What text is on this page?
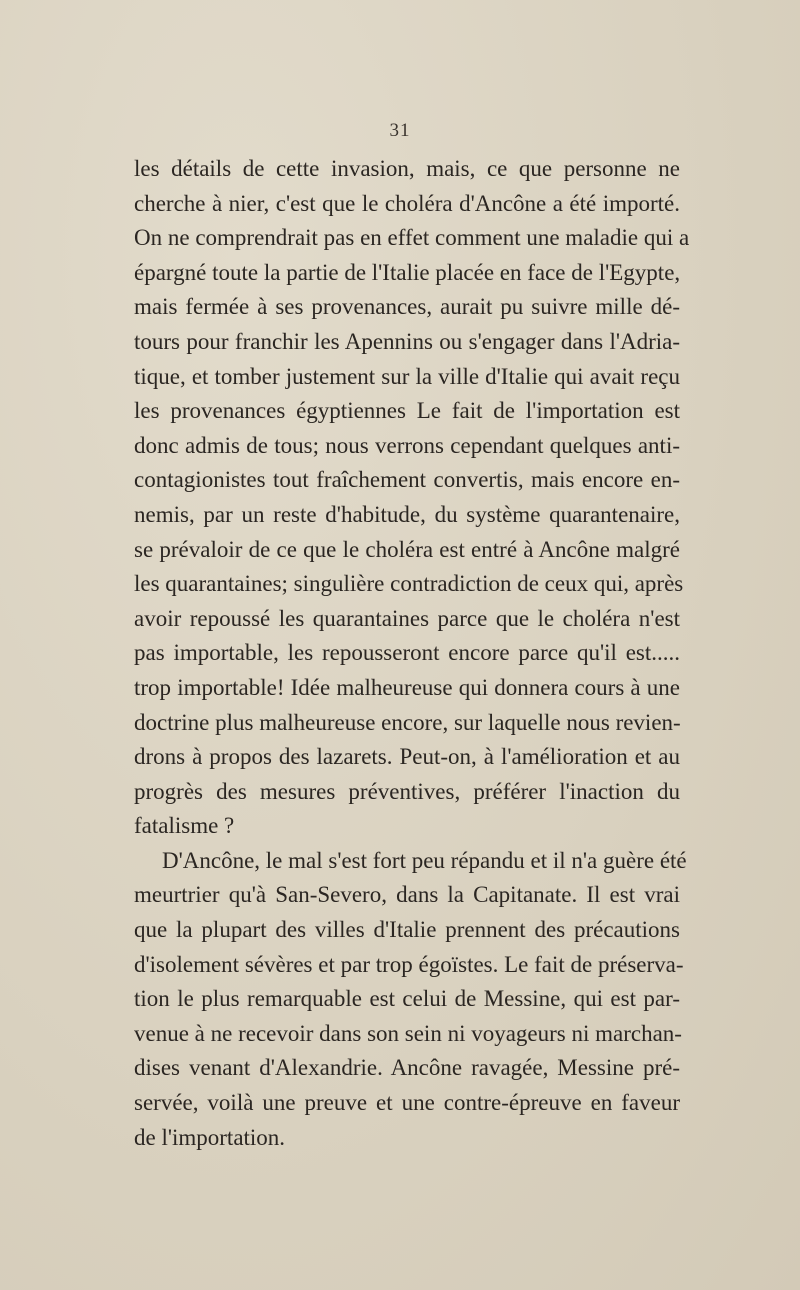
31
les détails de cette invasion, mais, ce que personne ne
cherche à nier, c'est que le choléra d'Ancône a été importé.
On ne comprendrait pas en effet comment une maladie qui a
épargné toute la partie de l'Italie placée en face de l'Egypte,
mais fermée à ses provenances, aurait pu suivre mille dé-
tours pour franchir les Apennins ou s'engager dans l'Adria-
tique, et tomber justement sur la ville d'Italie qui avait reçu
les provenances égyptiennes Le fait de l'importation est
donc admis de tous; nous verrons cependant quelques anti-
contagionistes tout fraîchement convertis, mais encore en-
nemis, par un reste d'habitude, du système quarantenaire,
se prévaloir de ce que le choléra est entré à Ancône malgré
les quarantaines; singulière contradiction de ceux qui, après
avoir repoussé les quarantaines parce que le choléra n'est
pas importable, les repousseront encore parce qu'il est.....
trop importable! Idée malheureuse qui donnera cours à une
doctrine plus malheureuse encore, sur laquelle nous revien-
drons à propos des lazarets. Peut-on, à l'amélioration et au
progrès des mesures préventives, préférer l'inaction du
fatalisme ?
D'Ancône, le mal s'est fort peu répandu et il n'a guère été
meurtrier qu'à San-Severo, dans la Capitanate. Il est vrai
que la plupart des villes d'Italie prennent des précautions
d'isolement sévères et par trop égoïstes. Le fait de préserva-
tion le plus remarquable est celui de Messine, qui est par-
venue à ne recevoir dans son sein ni voyageurs ni marchan-
dises venant d'Alexandrie. Ancône ravagée, Messine pré-
servée, voilà une preuve et une contre-épreuve en faveur
de l'importation.
